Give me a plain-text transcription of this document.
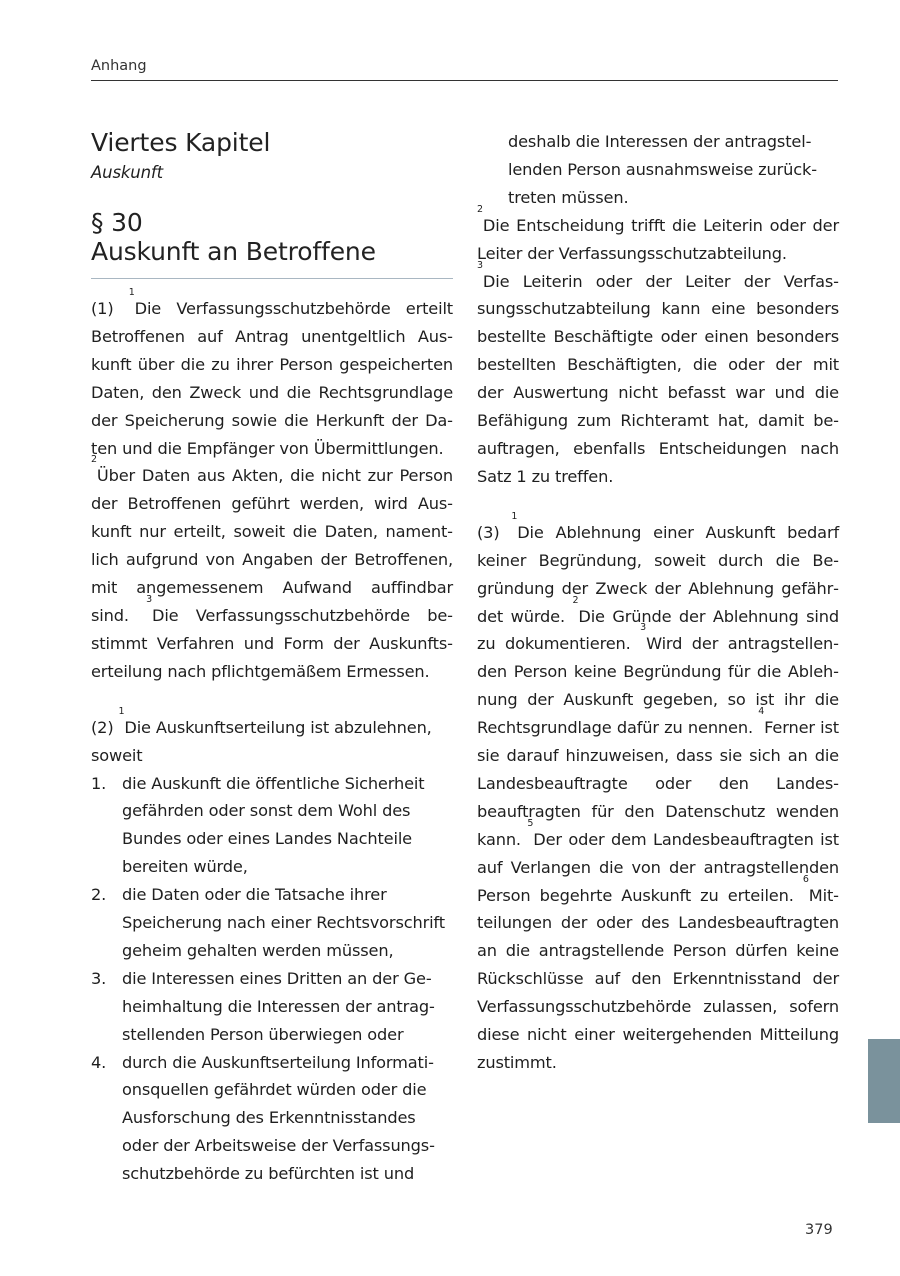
Anhang
Viertes Kapitel
Auskunft
§ 30
Auskunft an Betroffene

(1) $^1$Die Verfassungsschutzbehörde erteilt Betroffenen auf Antrag unentgeltlich Auskunft über die zu ihrer Person gespeicherten Daten, den Zweck und die Rechtsgrundlage der Speicherung sowie die Herkunft der Daten und die Empfänger von Übermittlungen.
$^2$Über Daten aus Akten, die nicht zur Person der Betroffenen geführt werden, wird Auskunft nur erteilt, soweit die Daten, namentlich aufgrund von Angaben der Betroffenen, mit angemessenem Aufwand auffindbar sind. $^3$Die Verfassungsschutzbehörde bestimmt Verfahren und Form der Auskunftserteilung nach pflichtgemäßem Ermessen.

(2) $^1$Die Auskunftserteilung ist abzulehnen, soweit

1. die Auskunft die öffentliche Sicherheit gefährden oder sonst dem Wohl des Bundes oder eines Landes Nachteile bereiten würde,
2. die Daten oder die Tatsache ihrer Speicherung nach einer Rechtsvorschrift geheim gehalten werden müssen,
3. die Interessen eines Dritten an der Geheimhaltung die Interessen der antragstellenden Person überwiegen oder
4. durch die Auskunftserteilung Informationsquellen gefährdet würden oder die Ausforschung des Erkenntnisstandes oder der Arbeitsweise der Verfassungsschutzbehörde zu befürchten ist und
deshalb die Interessen der antragstellenden Person ausnahmsweise zurücktreten müssen.

$^2$Die Entscheidung trifft die Leiterin oder der Leiter der Verfassungsschutzabteilung.
$^3$Die Leiterin oder der Leiter der Verfassungsschutzabteilung kann eine besonders bestellte Beschäftigte oder einen besonders bestellten Beschäftigten, die oder der mit der Auswertung nicht befasst war und die Befähigung zum Richteramt hat, damit beauftragen, ebenfalls Entscheidungen nach Satz 1 zu treffen.

(3) $^1$Die Ablehnung einer Auskunft bedarf keiner Begründung, soweit durch die Begründung der Zweck der Ablehnung gefährdet würde. $^2$Die Gründe der Ablehnung sind zu dokumentieren. $^3$Wird der antragstellenden Person keine Begründung für die Ablehnung der Auskunft gegeben, so ist ihr die Rechtsgrundlage dafür zu nennen. $^4$Ferner ist sie darauf hinzuweisen, dass sie sich an die Landesbeauftragte oder den Landesbeauftragten für den Datenschutz wenden kann. $^5$Der oder dem Landesbeauftragten ist auf Verlangen die von der antragstellenden Person begehrte Auskunft zu erteilen. $^6$Mitteilungen der oder des Landesbeauftragten an die antragstellende Person dürfen keine Rückschlüsse auf den Erkenntnisstand der Verfassungsschutzbehörde zulassen, sofern diese nicht einer weitergehenden Mitteilung zustimmt.

379
